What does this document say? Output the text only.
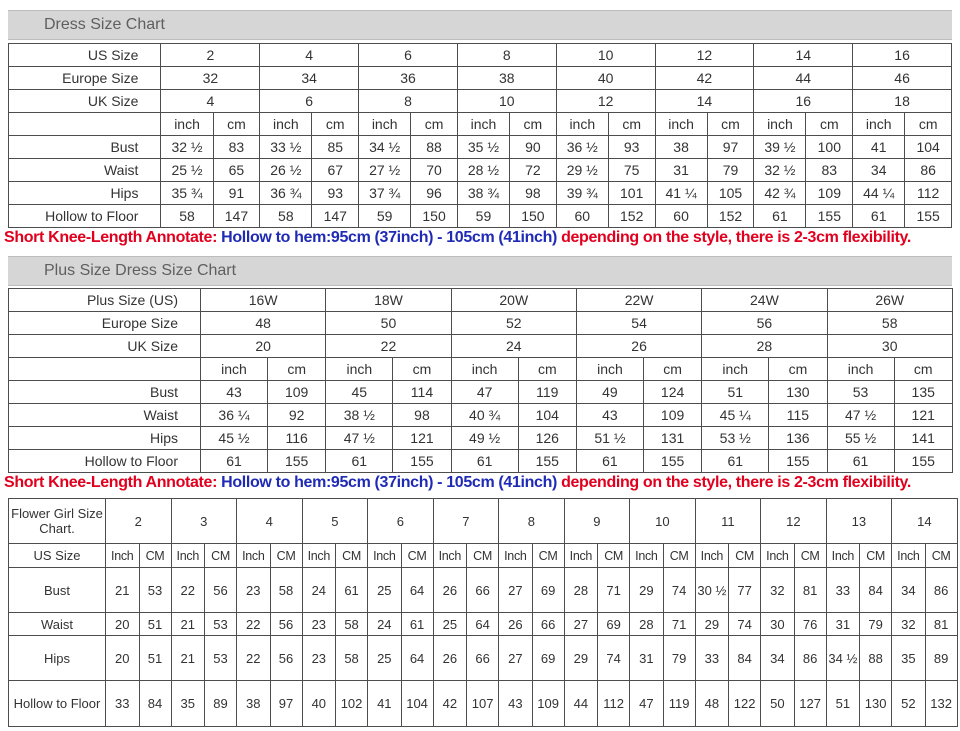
Dress Size Chart
US Size	2		4		6		8		10		12		14		16	
Europe Size	32		34		36		38		40		42		44		46	
UK Size	4		6		8		10		12		14		16		18	
	inch	cm	inch	cm	inch	cm	inch	cm	inch	cm	inch	cm	inch	cm	inch	cm
Bust	32 ½	83	33 ½	85	34 ½	88	35 ½	90	36 ½	93	38	97	39 ½	100	41	104
Waist	25 ½	65	26 ½	67	27 ½	70	28 ½	72	29 ½	75	31	79	32 ½	83	34	86
Hips	35 ¾	91	36 ¾	93	37 ¾	96	38 ¾	98	39 ¾	101	41 ¼	105	42 ¾	109	44 ¼	112
Hollow to Floor	58	147	58	147	59	150	59	150	60	152	60	152	61	155	61	155
Short Knee-Length Annotate: Hollow to hem:95cm (37inch) - 105cm (41inch) depending on the style, there is 2-3cm flexibility.
Plus Size Dress Size Chart
Plus Size (US)	16W		18W		20W		22W		24W		26W	
Europe Size	48		50		52		54		56		58	
UK Size	20		22		24		26		28		30	
	inch	cm	inch	cm	inch	cm	inch	cm	inch	cm	inch	cm
Bust	43	109	45	114	47	119	49	124	51	130	53	135
Waist	36 ¼	92	38 ½	98	40 ¾	104	43	109	45 ¼	115	47 ½	121
Hips	45 ½	116	47 ½	121	49 ½	126	51 ½	131	53 ½	136	55 ½	141
Hollow to Floor	61	155	61	155	61	155	61	155	61	155	61	155
Short Knee-Length Annotate: Hollow to hem:95cm (37inch) - 105cm (41inch) depending on the style, there is 2-3cm flexibility.
Flower Girl Size Chart.	2		3		4		5		6		7		8		9		10		11		12		13		14	
US Size	Inch	CM	Inch	CM	Inch	CM	Inch	CM	Inch	CM	Inch	CM	Inch	CM	Inch	CM	Inch	CM	Inch	CM	Inch	CM	Inch	CM	Inch	CM
Bust	21	53	22	56	23	58	24	61	25	64	26	66	27	69	28	71	29	74	30 ½	77	32	81	33	84	34	86
Waist	20	51	21	53	22	56	23	58	24	61	25	64	26	66	27	69	28	71	29	74	30	76	31	79	32	81
Hips	20	51	21	53	22	56	23	58	25	64	26	66	27	69	29	74	31	79	33	84	34	86	34 ½	88	35	89
Hollow to Floor	33	84	35	89	38	97	40	102	41	104	42	107	43	109	44	112	47	119	48	122	50	127	51	130	52	132
